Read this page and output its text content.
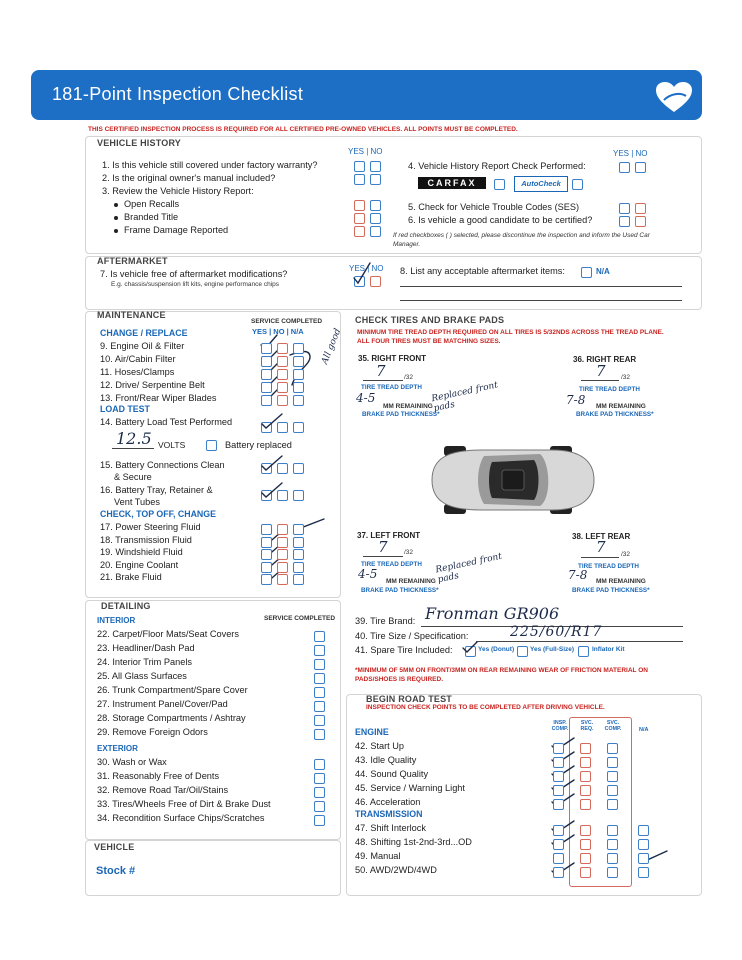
181-Point Inspection Checklist
THIS CERTIFIED INSPECTION PROCESS IS REQUIRED FOR ALL CERTIFIED PRE-OWNED VEHICLES. ALL POINTS MUST BE COMPLETED.
VEHICLE HISTORY
YES | NO
1. Is this vehicle still covered under factory warranty?
2. Is the original owner's manual included?
3. Review the Vehicle History Report:
Open Recalls
Branded Title
Frame Damage Reported
4. Vehicle History Report Check Performed:
YES | NO
CARFAX	AutoCheck
5. Check for Vehicle Trouble Codes (SES)
6. Is vehicle a good candidate to be certified?
If red checkboxes ( ) selected, please discontinue the inspection and inform the Used Car Manager.
AFTERMARKET
7. Is vehicle free of aftermarket modifications?
E.g. chassis/suspension lift kits, engine performance chips
YES | NO 8. List any acceptable aftermarket items:	N/A
MAINTENANCE
SERVICE COMPLETED
YES | NO | N/A
CHANGE / REPLACE
9. Engine Oil & Filter
10. Air/Cabin Filter
11. Hoses/Clamps
12. Drive/ Serpentine Belt
13. Front/Rear Wiper Blades
LOAD TEST
14. Battery Load Test Performed
12.5 VOLTS	Battery replaced
15. Battery Connections Clean
& Secure
16. Battery Tray, Retainer &
Vent Tubes
CHECK, TOP OFF, CHANGE
17. Power Steering Fluid
18. Transmission Fluid
19. Windshield Fluid
20. Engine Coolant
21. Brake Fluid
All good
CHECK TIRES AND BRAKE PADS
MINIMUM TIRE TREAD DEPTH REQUIRED ON ALL TIRES IS 5/32NDS ACROSS THE TREAD PLANE. ALL FOUR TIRES MUST BE MATCHING SIZES.
35. RIGHT FRONT
7	/32
TIRE TREAD DEPTH
4-5
MM REMAINING
BRAKE PAD THICKNESS*
Replaced front pads
36. RIGHT REAR
7 /32
TIRE TREAD DEPTH
7-8 MM REMAINING
BRAKE PAD THICKNESS*
37. LEFT FRONT
7	/32
TIRE TREAD DEPTH
4-5
MM REMAINING
BRAKE PAD THICKNESS*
Replaced front pads
38. LEFT REAR
7 /32
TIRE TREAD DEPTH
7-8 MM REMAINING
BRAKE PAD THICKNESS*
39. Tire Brand: Fronman GR906
40. Tire Size / Specification:	225/60/R17
41. Spare Tire Included:	Yes (Donut) Yes (Full-Size)	Inflator Kit
*MINIMUM OF 5MM ON FRONT/3MM ON REAR REMAINING WEAR OF FRICTION MATERIAL ON PADS/SHOES IS REQUIRED.
DETAILING
SERVICE COMPLETED
INTERIOR
22. Carpet/Floor Mats/Seat Covers
23. Headliner/Dash Pad
24. Interior Trim Panels
25. All Glass Surfaces
26. Trunk Compartment/Spare Cover
27. Instrument Panel/Cover/Pad
28. Storage Compartments / Ashtray
29. Remove Foreign Odors
EXTERIOR
30. Wash or Wax
31. Reasonably Free of Dents
32. Remove Road Tar/Oil/Stains
33. Tires/Wheels Free of Dirt & Brake Dust
34. Recondition Surface Chips/Scratches
VEHICLE
Stock #
BEGIN ROAD TEST
INSPECTION CHECK POINTS TO BE COMPLETED AFTER DRIVING VEHICLE.
INSP. COMP.
SVC. REQ.
SVC. COMP.	N/A
ENGINE
42. Start Up
43. Idle Quality
44. Sound Quality
45. Service / Warning Light
46. Acceleration
TRANSMISSION
47. Shift Interlock
48. Shifting 1st-2nd-3rd...OD
49. Manual
50. AWD/2WD/4WD
